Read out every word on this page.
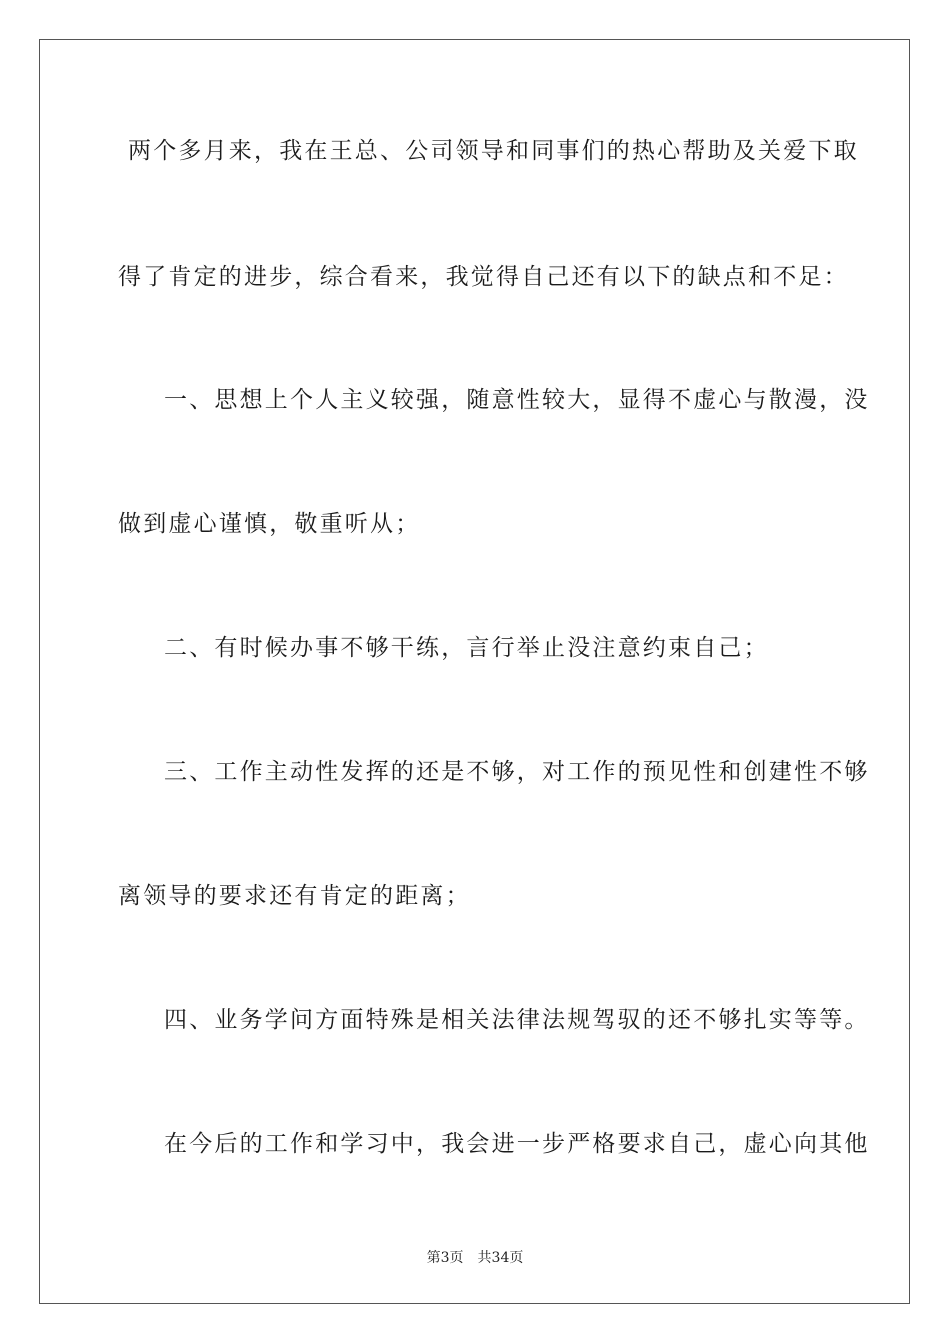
两个多月来，我在王总、公司领导和同事们的热心帮助及关爱下取
得了肯定的进步，综合看来，我觉得自己还有以下的缺点和不足：
一、思想上个人主义较强，随意性较大，显得不虚心与散漫，没
做到虚心谨慎，敬重听从；
二、有时候办事不够干练，言行举止没注意约束自己；
三、工作主动性发挥的还是不够，对工作的预见性和创建性不够
离领导的要求还有肯定的距离；
四、业务学问方面特殊是相关法律法规驾驭的还不够扎实等等。
在今后的工作和学习中，我会进一步严格要求自己，虚心向其他
第3页 共34页
